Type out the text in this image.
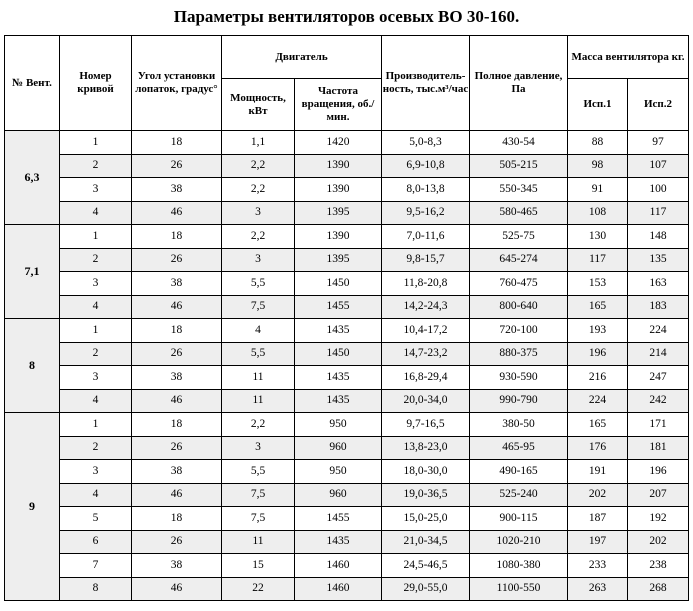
Параметры вентиляторов осевых ВО 30-160.
№ Вент.	Номер кривой	Угол установки лопаток, градус°	Двигатель		Производитель-ность, тыс.м³/час	Полное давление, Па	Масса вентилятора кг.	
			Мощность, кВт	Частота вращения, об./мин.			Исп.1	Исп.2
6,3	1	18	1,1	1420	5,0-8,3	430-54	88	97
	2	26	2,2	1390	6,9-10,8	505-215	98	107
	3	38	2,2	1390	8,0-13,8	550-345	91	100
	4	46	3	1395	9,5-16,2	580-465	108	117
7,1	1	18	2,2	1390	7,0-11,6	525-75	130	148
	2	26	3	1395	9,8-15,7	645-274	117	135
	3	38	5,5	1450	11,8-20,8	760-475	153	163
	4	46	7,5	1455	14,2-24,3	800-640	165	183
8	1	18	4	1435	10,4-17,2	720-100	193	224
	2	26	5,5	1450	14,7-23,2	880-375	196	214
	3	38	11	1435	16,8-29,4	930-590	216	247
	4	46	11	1435	20,0-34,0	990-790	224	242
9	1	18	2,2	950	9,7-16,5	380-50	165	171
	2	26	3	960	13,8-23,0	465-95	176	181
	3	38	5,5	950	18,0-30,0	490-165	191	196
	4	46	7,5	960	19,0-36,5	525-240	202	207
	5	18	7,5	1455	15,0-25,0	900-115	187	192
	6	26	11	1435	21,0-34,5	1020-210	197	202
	7	38	15	1460	24,5-46,5	1080-380	233	238
	8	46	22	1460	29,0-55,0	1100-550	263	268
